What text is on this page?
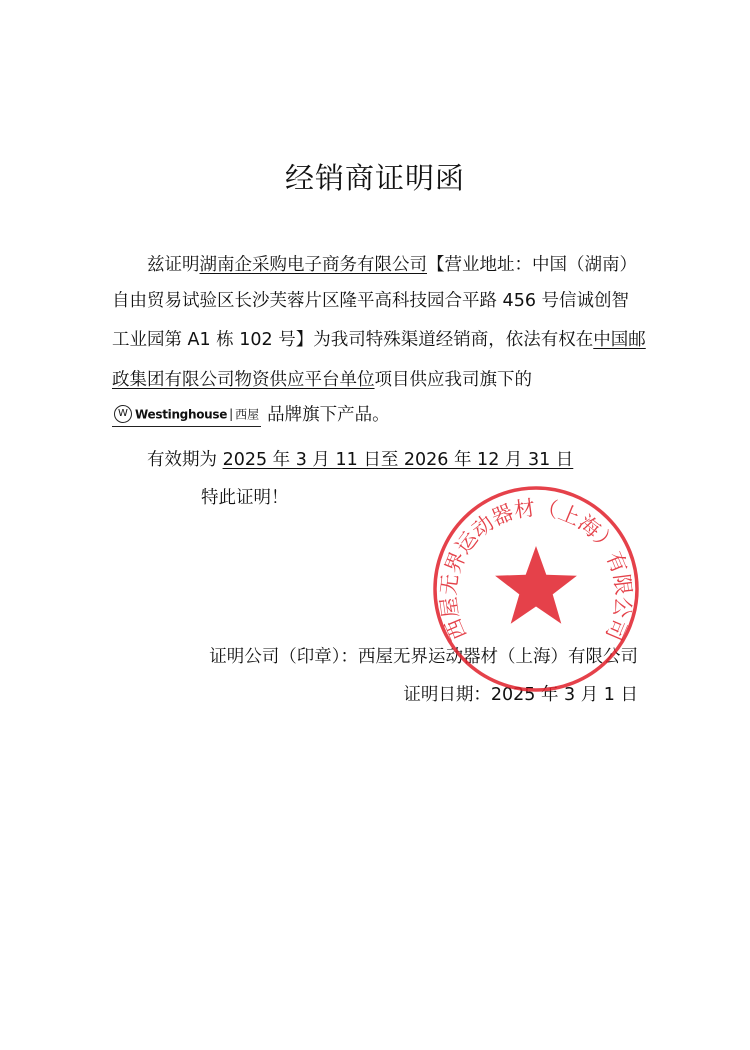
经销商证明函
兹证明湖南企采购电子商务有限公司【营业地址：中国（湖南）
自由贸易试验区长沙芙蓉片区隆平高科技园合平路 456 号信诚创智
工业园第 A1 栋 102 号】为我司特殊渠道经销商，依法有权在中国邮
政集团有限公司物资供应平台单位项目供应我司旗下的
W Westinghouse | 西屋 品牌旗下产品。
有效期为 2025 年 3 月 11 日至 2026 年 12 月 31 日
特此证明！
证明公司（印章）：西屋无界运动器材（上海）有限公司
证明日期：2025 年 3 月 1 日
西屋无界运动器材（上海）有限公司
